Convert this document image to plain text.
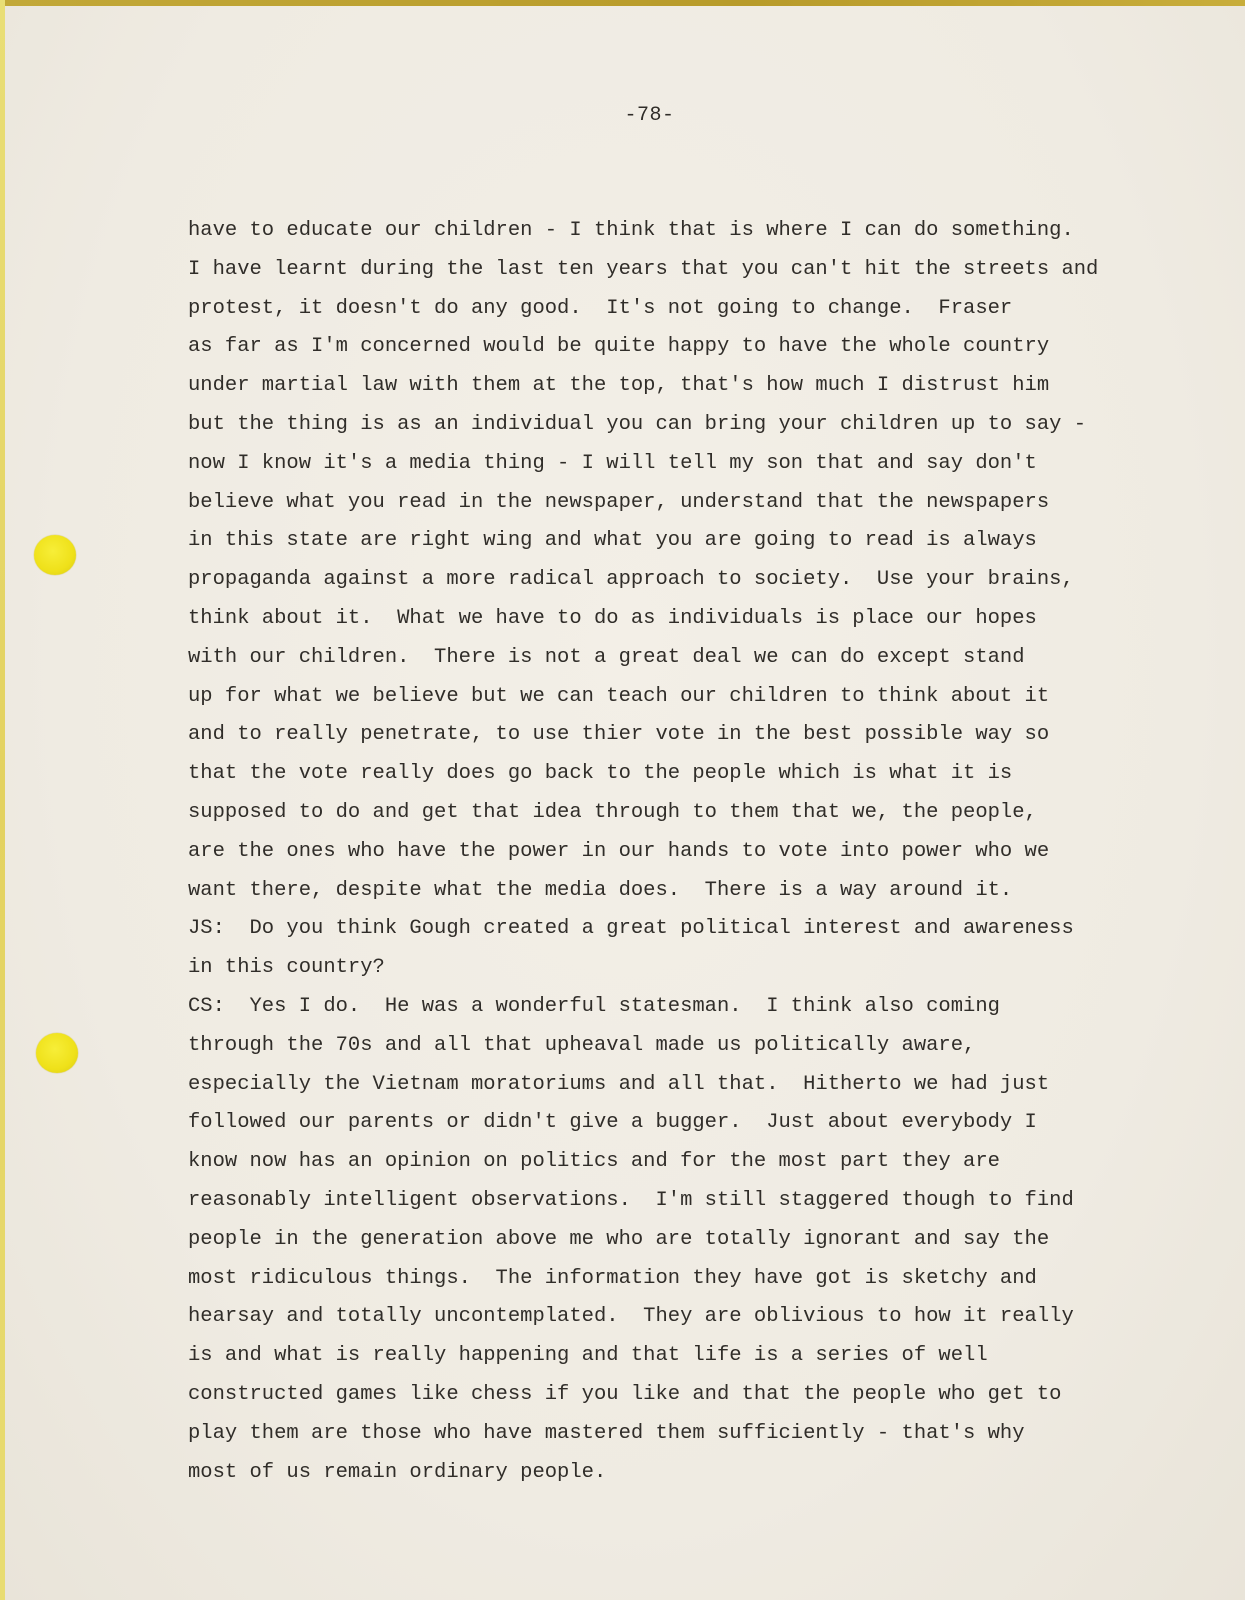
-78-
have to educate our children - I think that is where I can do something.
I have learnt during the last ten years that you can't hit the streets and
protest, it doesn't do any good.  It's not going to change.  Fraser
as far as I'm concerned would be quite happy to have the whole country
under martial law with them at the top, that's how much I distrust him
but the thing is as an individual you can bring your children up to say -
now I know it's a media thing - I will tell my son that and say don't
believe what you read in the newspaper, understand that the newspapers
in this state are right wing and what you are going to read is always
propaganda against a more radical approach to society.  Use your brains,
think about it.  What we have to do as individuals is place our hopes
with our children.  There is not a great deal we can do except stand
up for what we believe but we can teach our children to think about it
and to really penetrate, to use thier vote in the best possible way so
that the vote really does go back to the people which is what it is
supposed to do and get that idea through to them that we, the people,
are the ones who have the power in our hands to vote into power who we
want there, despite what the media does.  There is a way around it.
JS:  Do you think Gough created a great political interest and awareness
in this country?
CS:  Yes I do.  He was a wonderful statesman.  I think also coming
through the 70s and all that upheaval made us politically aware,
especially the Vietnam moratoriums and all that.  Hitherto we had just
followed our parents or didn't give a bugger.  Just about everybody I
know now has an opinion on politics and for the most part they are
reasonably intelligent observations.  I'm still staggered though to find
people in the generation above me who are totally ignorant and say the
most ridiculous things.  The information they have got is sketchy and
hearsay and totally uncontemplated.  They are oblivious to how it really
is and what is really happening and that life is a series of well
constructed games like chess if you like and that the people who get to
play them are those who have mastered them sufficiently - that's why
most of us remain ordinary people.
